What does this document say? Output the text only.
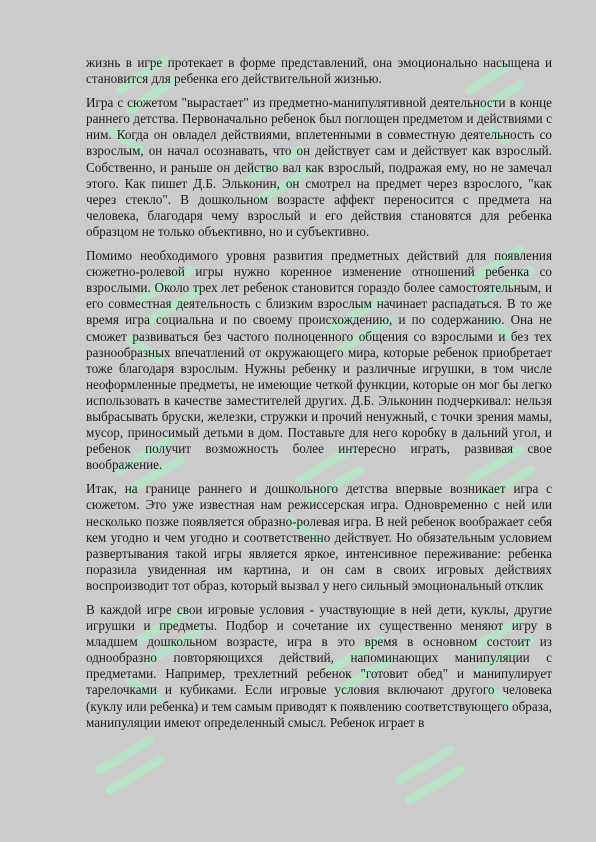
жизнь в игре протекает в форме представлений, она эмоционально насыщена и становится для ребенка его действительной жизнью.

Игра с сюжетом "вырастает" из предметно-манипулятивной деятельности в конце раннего детства. Первоначально ребенок был поглощен предметом и действиями с ним. Когда он овладел действиями, вплетенными в совместную деятельность со взрослым, он начал осознавать, что он действует сам и действует как взрослый. Собственно, и раньше он действо вал как взрослый, подражая ему, но не замечал этого. Как пишет Д.Б. Эльконин, он смотрел на предмет через взрослого, "как через стекло". В дошкольном возрасте аффект переносится с предмета на человека, благодаря чему взрослый и его действия становятся для ребенка образцом не только объективно, но и субъективно.

Помимо необходимого уровня развития предметных действий для появления сюжетно-ролевой игры нужно коренное изменение отношений ребенка со взрослыми. Около трех лет ребенок становится гораздо более самостоятельным, и его совместная деятельность с близким взрослым начинает распадаться. В то же время игра социальна и по своему происхождению, и по содержанию. Она не сможет развиваться без частого полноценного общения со взрослыми и без тех разнообразных впечатлений от окружающего мира, которые ребенок приобретает тоже благодаря взрослым. Нужны ребенку и различные игрушки, в том числе неоформленные предметы, не имеющие четкой функции, которые он мог бы легко использовать в качестве заместителей других. Д.Б. Эльконин подчеркивал: нельзя выбрасывать бруски, железки, стружки и прочий ненужный, с точки зрения мамы, мусор, приносимый детьми в дом. Поставьте для него коробку в дальний угол, и ребенок получит возможность более интересно играть, развивая свое воображение.

Итак, на границе раннего и дошкольного детства впервые возникает игра с сюжетом. Это уже известная нам режиссерская игра. Одновременно с ней или несколько позже появляется образно-ролевая игра. В ней ребенок воображает себя кем угодно и чем угодно и соответственно действует. Но обязательным условием развертывания такой игры является яркое, интенсивное переживание: ребенка поразила увиденная им картина, и он сам в своих игровых действиях воспроизводит тот образ, который вызвал у него сильный эмоциональный отклик

В каждой игре свои игровые условия - участвующие в ней дети, куклы, другие игрушки и предметы. Подбор и сочетание их существенно меняют игру в младшем дошкольном возрасте, игра в это время в основном состоит из однообразно повторяющихся действий, напоминающих манипуляции с предметами. Например, трехлетний ребенок "готовит обед" и манипулирует тарелочками и кубиками. Если игровые условия включают другого человека (куклу или ребенка) и тем самым приводят к появлению соответствующего образа, манипуляции имеют определенный смысл. Ребенок играет в
